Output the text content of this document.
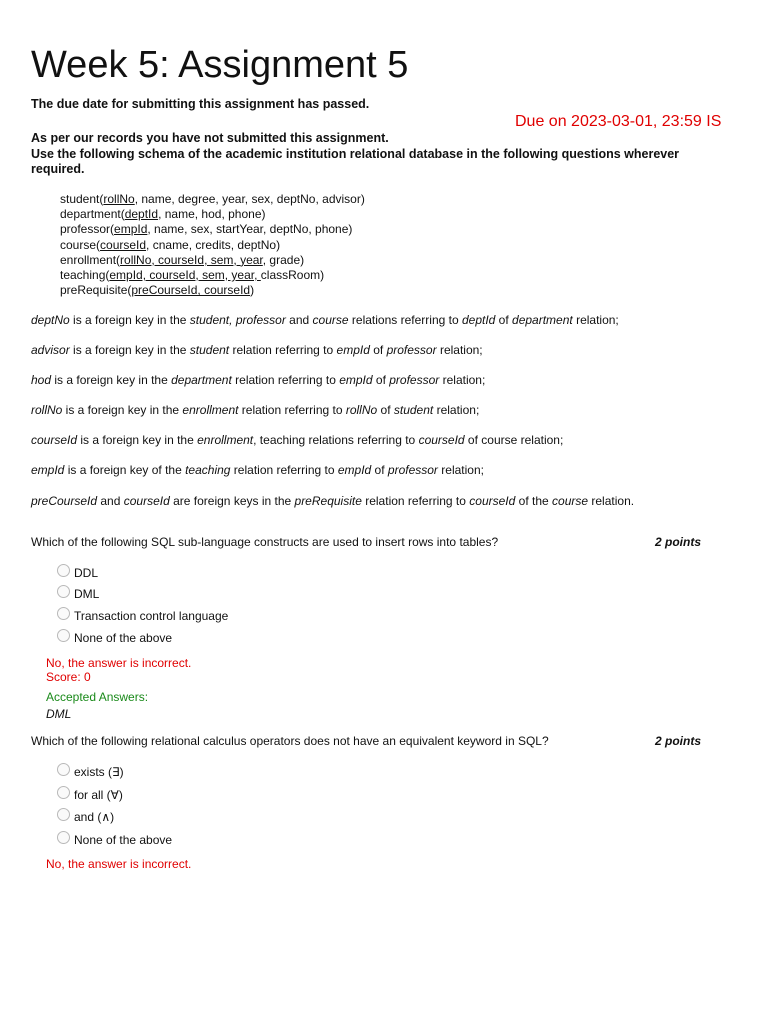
Week 5: Assignment 5
The due date for submitting this assignment has passed.
Due on 2023-03-01, 23:59 IS
As per our records you have not submitted this assignment.
Use the following schema of the academic institution relational database in the following questions wherever
required.
student(rollNo, name, degree, year, sex, deptNo, advisor)
department(deptId, name, hod, phone)
professor(empId, name, sex, startYear, deptNo, phone)
course(courseId, cname, credits, deptNo)
enrollment(rollNo, courseId, sem, year, grade)
teaching(empId, courseId, sem, year, classRoom)
preRequisite(preCourseId, courseId)
deptNo is a foreign key in the student, professor and course relations referring to deptId of department relation;
advisor is a foreign key in the student relation referring to empId of professor relation;
hod is a foreign key in the department relation referring to empId of professor relation;
rollNo is a foreign key in the enrollment relation referring to rollNo of student relation;
courseId is a foreign key in the enrollment, teaching relations referring to courseId of course relation;
empId is a foreign key of the teaching relation referring to empId of professor relation;
preCourseId and courseId are foreign keys in the preRequisite relation referring to courseId of the course relation.
Which of the following SQL sub-language constructs are used to insert rows into tables?	2 points
DDL
DML
Transaction control language
None of the above
No, the answer is incorrect.
Score: 0
Accepted Answers:
DML
Which of the following relational calculus operators does not have an equivalent keyword in SQL?	2 points
exists (∃)
for all (∀)
and (∧)
None of the above
No, the answer is incorrect.
